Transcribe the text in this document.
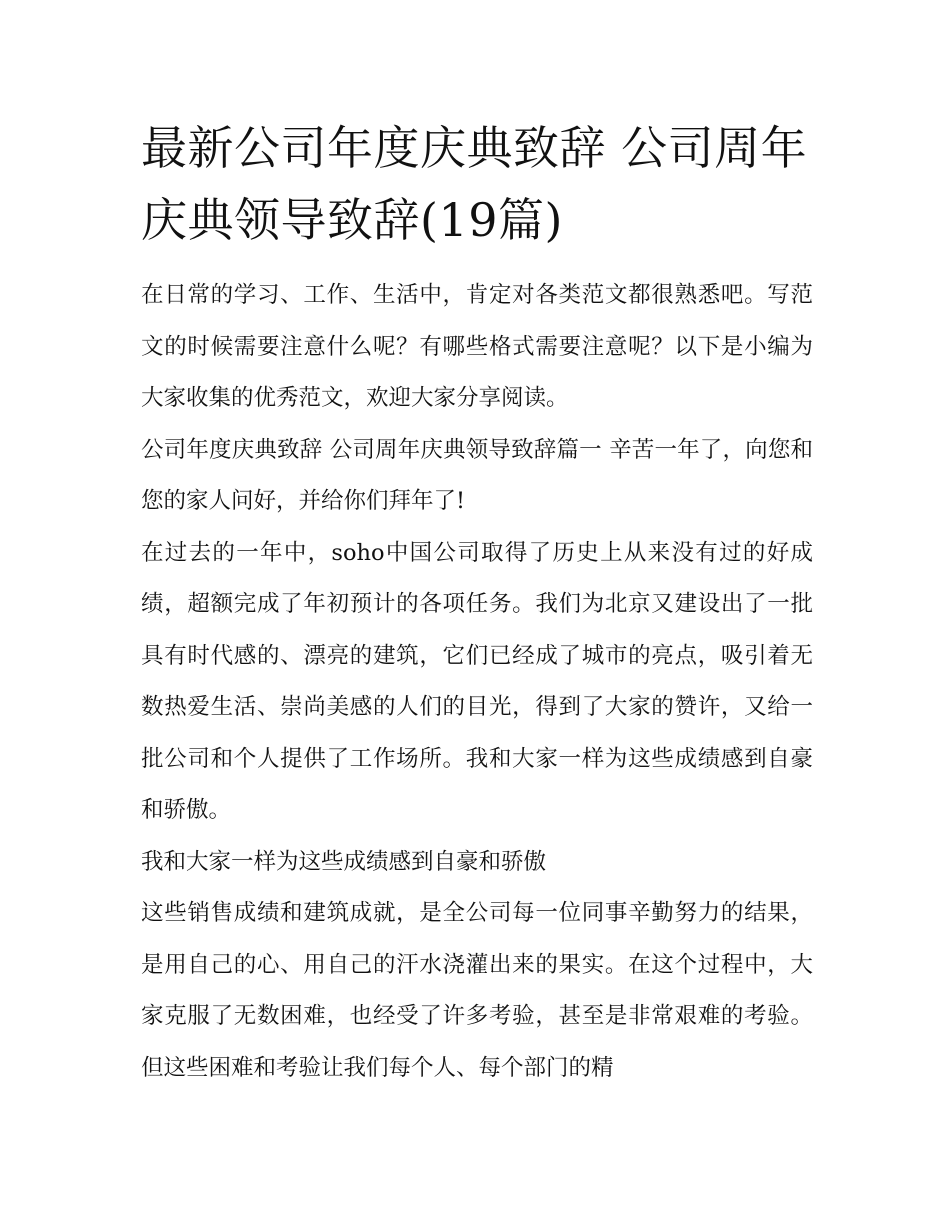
最新公司年度庆典致辞 公司周年庆典领导致辞(19篇)

在日常的学习、工作、生活中，肯定对各类范文都很熟悉吧。写范文的时候需要注意什么呢？有哪些格式需要注意呢？以下是小编为大家收集的优秀范文，欢迎大家分享阅读。

公司年度庆典致辞 公司周年庆典领导致辞篇一 辛苦一年了，向您和您的家人问好，并给你们拜年了!

在过去的一年中，soho中国公司取得了历史上从来没有过的好成绩，超额完成了年初预计的各项任务。我们为北京又建设出了一批具有时代感的、漂亮的建筑，它们已经成了城市的亮点，吸引着无数热爱生活、崇尚美感的人们的目光，得到了大家的赞许，又给一批公司和个人提供了工作场所。我和大家一样为这些成绩感到自豪和骄傲。

我和大家一样为这些成绩感到自豪和骄傲

这些销售成绩和建筑成就，是全公司每一位同事辛勤努力的结果，是用自己的心、用自己的汗水浇灌出来的果实。在这个过程中，大家克服了无数困难，也经受了许多考验，甚至是非常艰难的考验。但这些困难和考验让我们每个人、每个部门的精
